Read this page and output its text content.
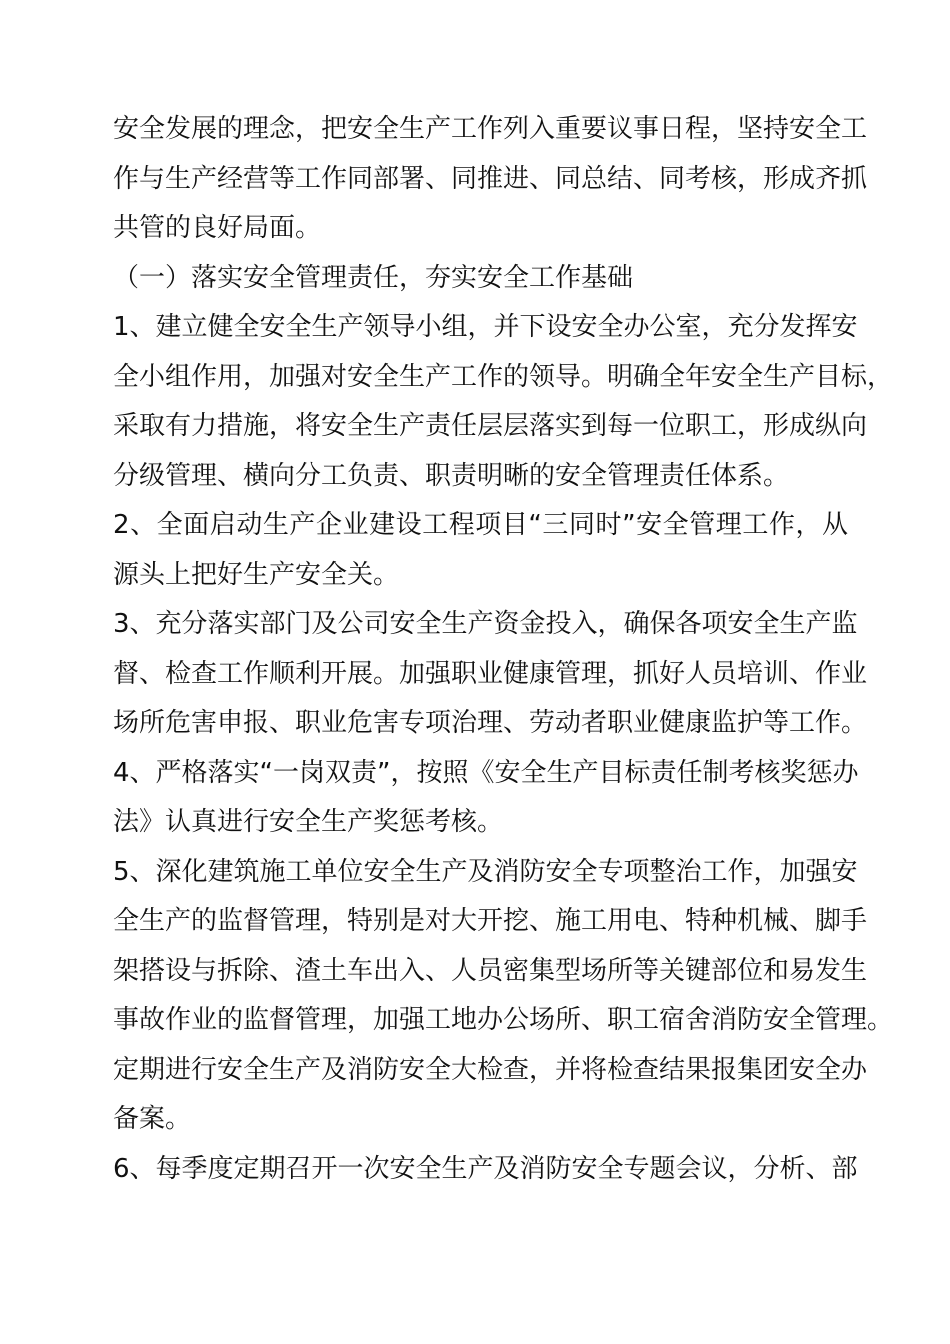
安全发展的理念，把安全生产工作列入重要议事日程，坚持安全工
作与生产经营等工作同部署、同推进、同总结、同考核，形成齐抓
共管的良好局面。
（一）落实安全管理责任，夯实安全工作基础
1、建立健全安全生产领导小组，并下设安全办公室，充分发挥安
全小组作用，加强对安全生产工作的领导。明确全年安全生产目标，
采取有力措施，将安全生产责任层层落实到每一位职工，形成纵向
分级管理、横向分工负责、职责明晰的安全管理责任体系。
2、全面启动生产企业建设工程项目“三同时”安全管理工作，从
源头上把好生产安全关。
3、充分落实部门及公司安全生产资金投入，确保各项安全生产监
督、检查工作顺利开展。加强职业健康管理，抓好人员培训、作业
场所危害申报、职业危害专项治理、劳动者职业健康监护等工作。
4、严格落实“一岗双责”，按照《安全生产目标责任制考核奖惩办
法》认真进行安全生产奖惩考核。
5、深化建筑施工单位安全生产及消防安全专项整治工作，加强安
全生产的监督管理，特别是对大开挖、施工用电、特种机械、脚手
架搭设与拆除、渣土车出入、人员密集型场所等关键部位和易发生
事故作业的监督管理，加强工地办公场所、职工宿舍消防安全管理。
定期进行安全生产及消防安全大检查，并将检查结果报集团安全办
备案。
6、每季度定期召开一次安全生产及消防安全专题会议，分析、部
